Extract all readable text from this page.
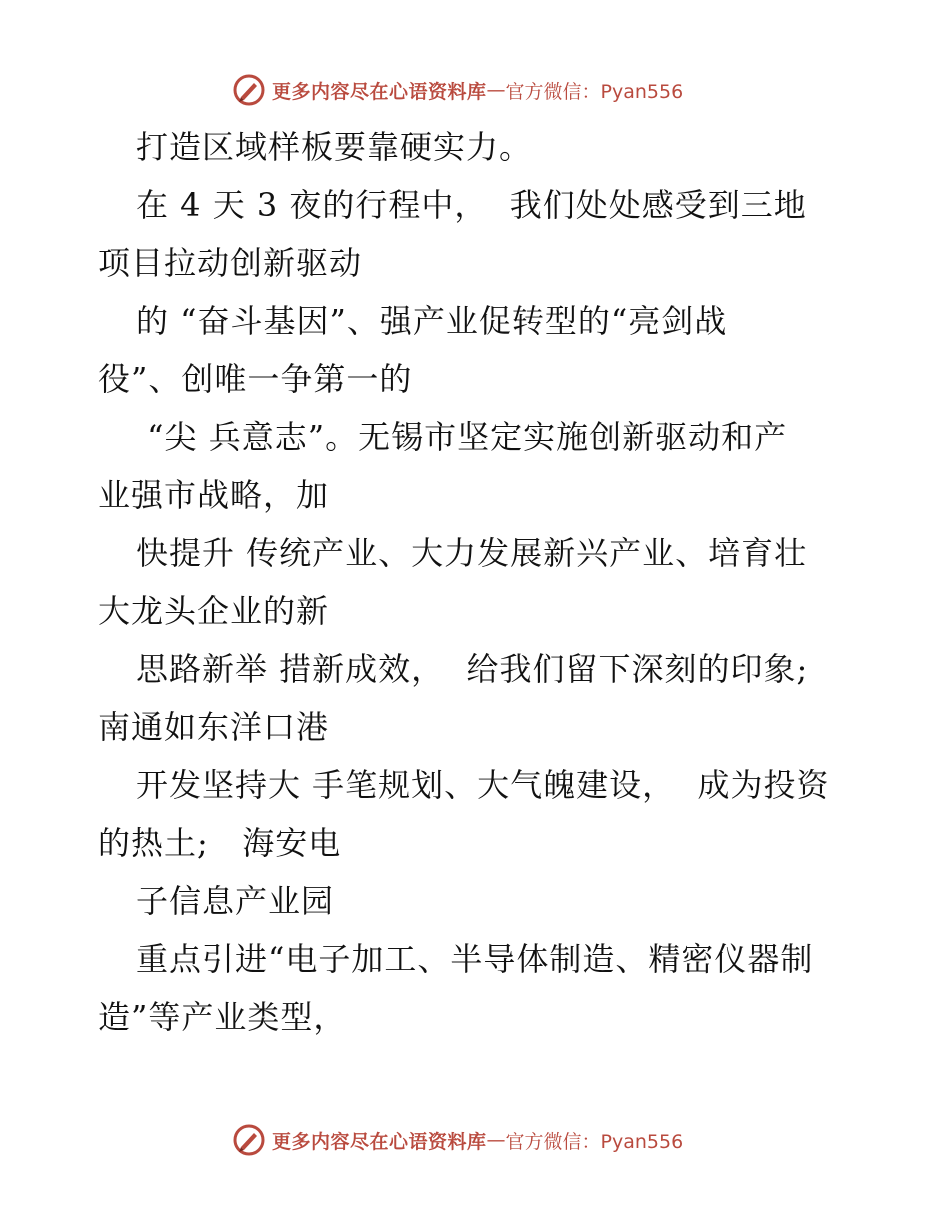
更多内容尽在心语资料库 — 官方微信：Pyan556
打造区域样板要靠硬实力。
在 4 天 3 夜的行程中，  我们处处感受到三地
项目拉动创新驱动
的 “奋斗基因”、强产业促转型的“亮剑战
役”、创唯一争第一的
“尖 兵意志”。无锡市坚定实施创新驱动和产
业强市战略，加
快提升 传统产业、大力发展新兴产业、培育壮
大龙头企业的新
思路新举 措新成效，  给我们留下深刻的印象;
南通如东洋口港
开发坚持大 手笔规划、大气魄建设，  成为投资
的热土;   海安电
子信息产业园
重点引进“电子加工、半导体制造、精密仪器制
造”等产业类型，
更多内容尽在心语资料库 — 官方微信：Pyan556
